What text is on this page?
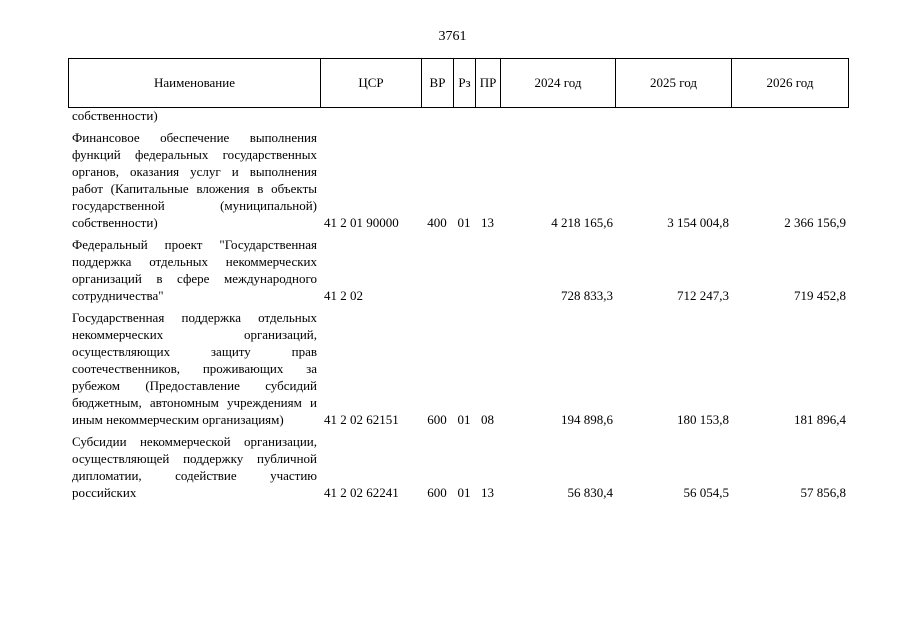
3761
Наименование	ЦСР	ВР	Рз	ПР	2024 год	2025 год	2026 год
собственности)							
Финансовое обеспечение выполнения функций федеральных государственных органов, оказания услуг и выполнения работ (Капитальные вложения в объекты государственной (муниципальной) собственности)	41 2 01 90000	400	01	13	4 218 165,6	3 154 004,8	2 366 156,9
Федеральный проект "Государственная поддержка отдельных некоммерческих организаций в сфере международного сотрудничества"	41 2 02				728 833,3	712 247,3	719 452,8
Государственная поддержка отдельных некоммерческих организаций, осуществляющих защиту прав соотечественников, проживающих за рубежом (Предоставление субсидий бюджетным, автономным учреждениям и иным некоммерческим организациям)	41 2 02 62151	600	01	08	194 898,6	180 153,8	181 896,4
Субсидии некоммерческой организации, осуществляющей поддержку публичной дипломатии, содействие участию российских	41 2 02 62241	600	01	13	56 830,4	56 054,5	57 856,8
